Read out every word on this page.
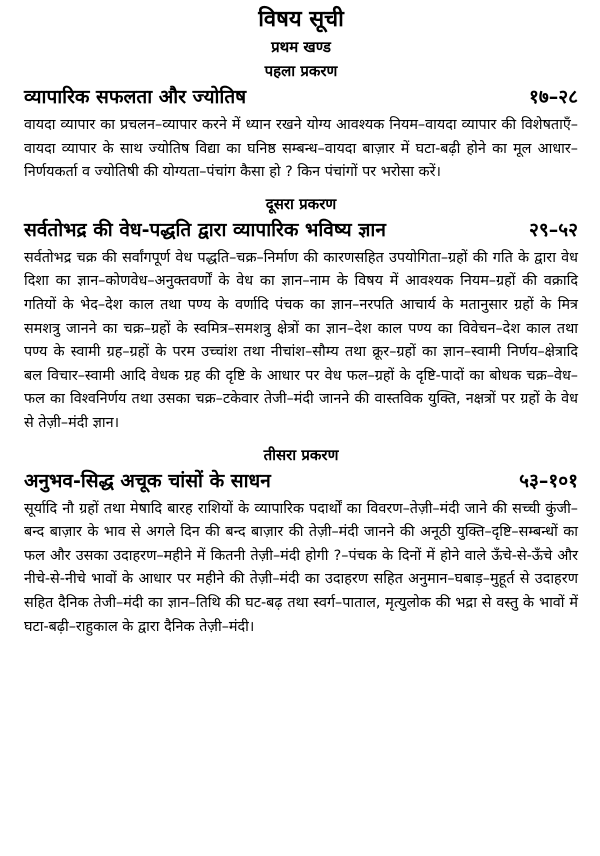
विषय सूची
प्रथम खण्ड
पहला प्रकरण
व्यापारिक सफलता और ज्योतिष	१७–२८

वायदा व्यापार का प्रचलन–व्यापार करने में ध्यान रखने योग्य आवश्यक नियम–वायदा व्यापार की विशेषताएँ–वायदा व्यापार के साथ ज्योतिष विद्या का घनिष्ठ सम्बन्ध–वायदा बाज़ार में घटा-बढ़ी होने का मूल आधार–निर्णयकर्ता व ज्योतिषी की योग्यता–पंचांग कैसा हो ? किन पंचांगों पर भरोसा करें।

दूसरा प्रकरण
सर्वतोभद्र की वेध-पद्धति द्वारा व्यापारिक भविष्य ज्ञान	२९–५२

सर्वतोभद्र चक्र की सर्वांगपूर्ण वेध पद्धति–चक्र–निर्माण की कारणसहित उपयोगिता–ग्रहों की गति के द्वारा वेध दिशा का ज्ञान–कोणवेध–अनुक्तवर्णों के वेध का ज्ञान–नाम के विषय में आवश्यक नियम–ग्रहों की वक्रादि गतियों के भेद–देश काल तथा पण्य के वर्णादि पंचक का ज्ञान–नरपति आचार्य के मतानुसार ग्रहों के मित्र समशत्रु जानने का चक्र–ग्रहों के स्वमित्र–समशत्रु क्षेत्रों का ज्ञान–देश काल पण्य का विवेचन–देश काल तथा पण्य के स्वामी ग्रह–ग्रहों के परम उच्चांश तथा नीचांश–सौम्य तथा क्रूर–ग्रहों का ज्ञान–स्वामी निर्णय–क्षेत्रादि बल विचार–स्वामी आदि वेधक ग्रह की दृष्टि के आधार पर वेध फल–ग्रहों के दृष्टि-पादों का बोधक चक्र–वेध–फल का विश्वनिर्णय तथा उसका चक्र–टकेवार तेजी–मंदी जानने की वास्तविक युक्ति, नक्षत्रों पर ग्रहों के वेध से तेज़ी–मंदी ज्ञान।

तीसरा प्रकरण
अनुभव-सिद्ध अचूक चांसों के साधन	५३–१०१

सूर्यादि नौ ग्रहों तथा मेषादि बारह राशियों के व्यापारिक पदार्थों का विवरण–तेज़ी–मंदी जाने की सच्ची कुंजी–बन्द बाज़ार के भाव से अगले दिन की बन्द बाज़ार की तेज़ी–मंदी जानने की अनूठी युक्ति–दृष्टि–सम्बन्धों का फल और उसका उदाहरण–महीने में कितनी तेज़ी–मंदी होगी ?–पंचक के दिनों में होने वाले ऊँचे-से-ऊँचे और नीचे-से-नीचे भावों के आधार पर महीने की तेज़ी–मंदी का उदाहरण सहित अनुमान–घबाड़–मुहूर्त से उदाहरण सहित दैनिक तेजी–मंदी का ज्ञान–तिथि की घट-बढ़ तथा स्वर्ग–पाताल, मृत्युलोक की भद्रा से वस्तु के भावों में घटा-बढ़ी–राहुकाल के द्वारा दैनिक तेज़ी–मंदी।
